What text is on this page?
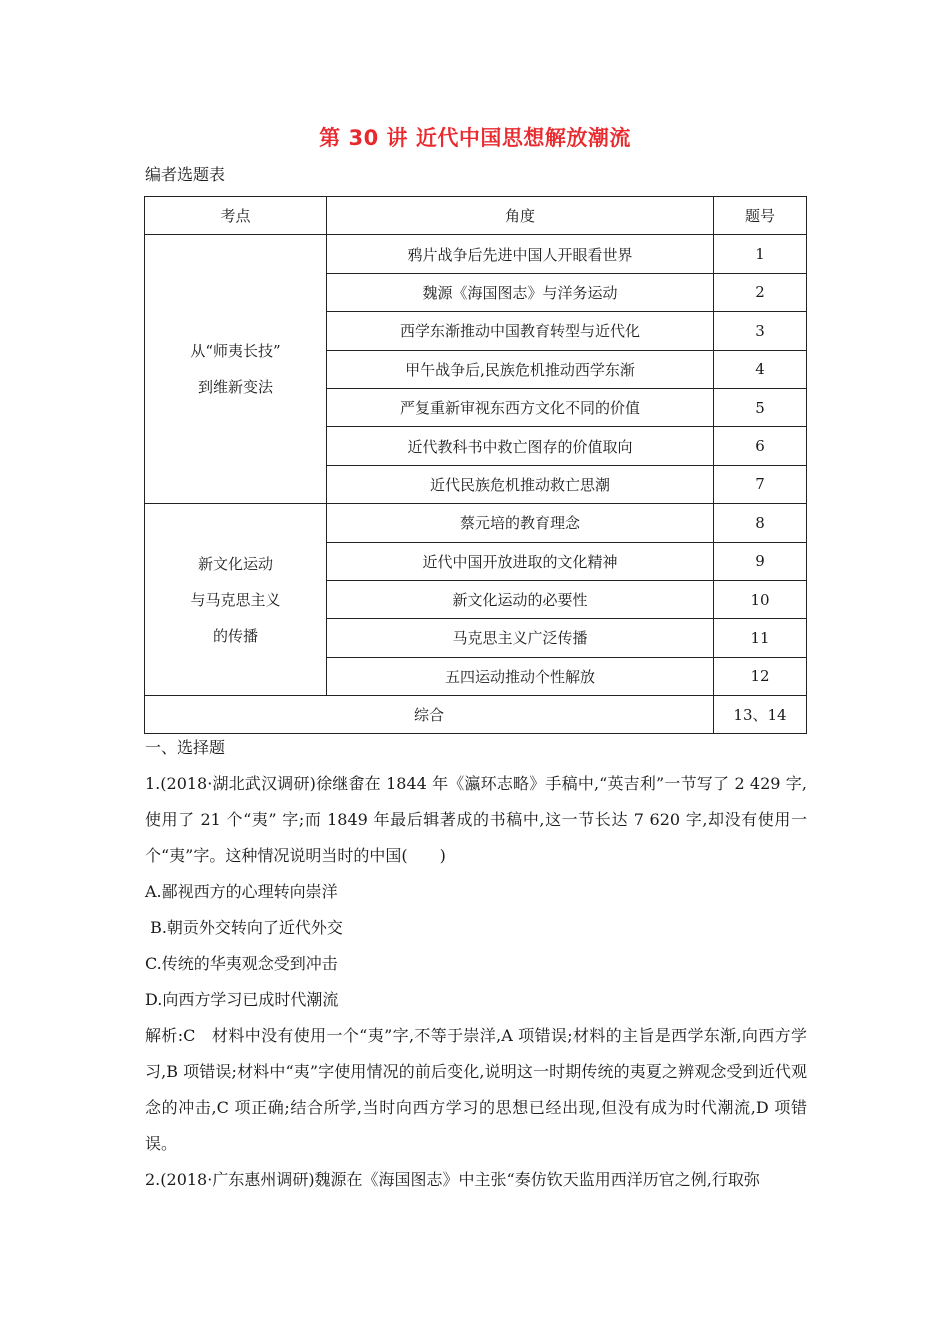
第 30 讲 近代中国思想解放潮流
编者选题表
考点	角度	题号

从“师夷长技”
到维新变法	鸦片战争后先进中国人开眼看世界	1
	魏源《海国图志》与洋务运动	2
	西学东渐推动中国教育转型与近代化	3
	甲午战争后,民族危机推动西学东渐	4
	严复重新审视东西方文化不同的价值	5
	近代教科书中救亡图存的价值取向	6
	近代民族危机推动救亡思潮	7

新文化运动
与马克思主义
的传播	蔡元培的教育理念	8
	近代中国开放进取的文化精神	9
	新文化运动的必要性	10
	马克思主义广泛传播	11
	五四运动推动个性解放	12
综合		13、14

一、选择题

1.(2018·湖北武汉调研)徐继畬在 1844 年《瀛环志略》手稿中,“英吉利”一节写了 2 429 字,使用了 21 个“夷” 字;而 1849 年最后辑著成的书稿中,这一节长达 7 620 字,却没有使用一个“夷”字。这种情况说明当时的中国(　　)

A.鄙视西方的心理转向崇洋

B.朝贡外交转向了近代外交

C.传统的华夷观念受到冲击

D.向西方学习已成时代潮流

解析:C　材料中没有使用一个“夷”字,不等于崇洋,A 项错误;材料的主旨是西学东渐,向西方学习,B 项错误;材料中“夷”字使用情况的前后变化,说明这一时期传统的夷夏之辨观念受到近代观念的冲击,C 项正确;结合所学,当时向西方学习的思想已经出现,但没有成为时代潮流,D 项错误。

2.(2018·广东惠州调研)魏源在《海国图志》中主张“奏仿钦天监用西洋历官之例,行取弥
